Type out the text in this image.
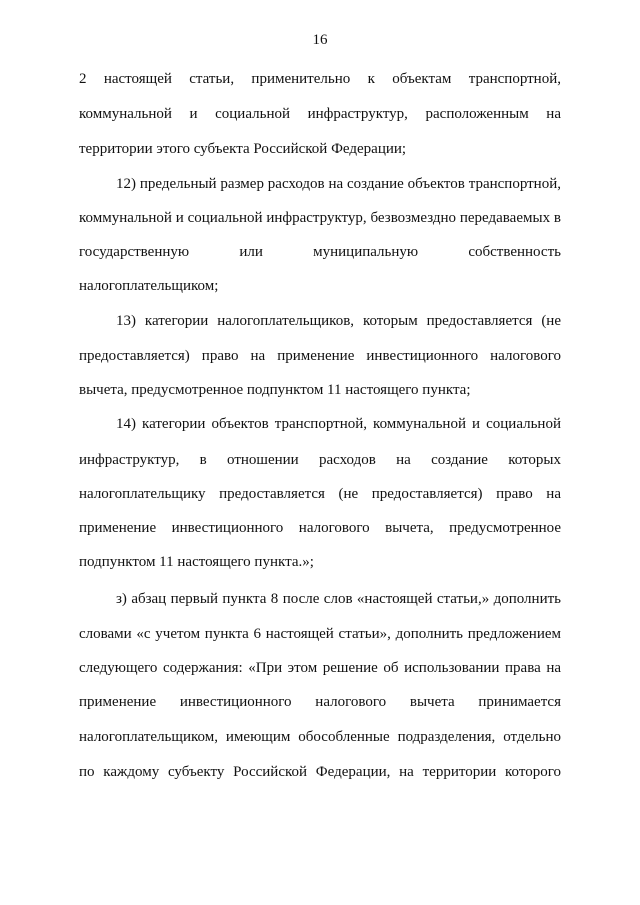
16
2 настоящей статьи, применительно к объектам транспортной,
коммунальной и социальной инфраструктур, расположенным на
территории этого субъекта Российской Федерации;
12) предельный размер расходов на создание объектов транспортной,
коммунальной и социальной инфраструктур, безвозмездно передаваемых в
государственную или муниципальную собственность
налогоплательщиком;
13) категории налогоплательщиков, которым предоставляется (не
предоставляется) право на применение инвестиционного налогового
вычета, предусмотренное подпунктом 11 настоящего пункта;
14) категории объектов транспортной, коммунальной и социальной
инфраструктур, в отношении расходов на создание которых
налогоплательщику предоставляется (не предоставляется) право на
применение инвестиционного налогового вычета, предусмотренное
подпунктом 11 настоящего пункта.»;
з) абзац первый пункта 8 после слов «настоящей статьи,» дополнить
словами «с учетом пункта 6 настоящей статьи», дополнить предложением
следующего содержания: «При этом решение об использовании права на
применение инвестиционного налогового вычета принимается
налогоплательщиком, имеющим обособленные подразделения, отдельно
по каждому субъекту Российской Федерации, на территории которого
